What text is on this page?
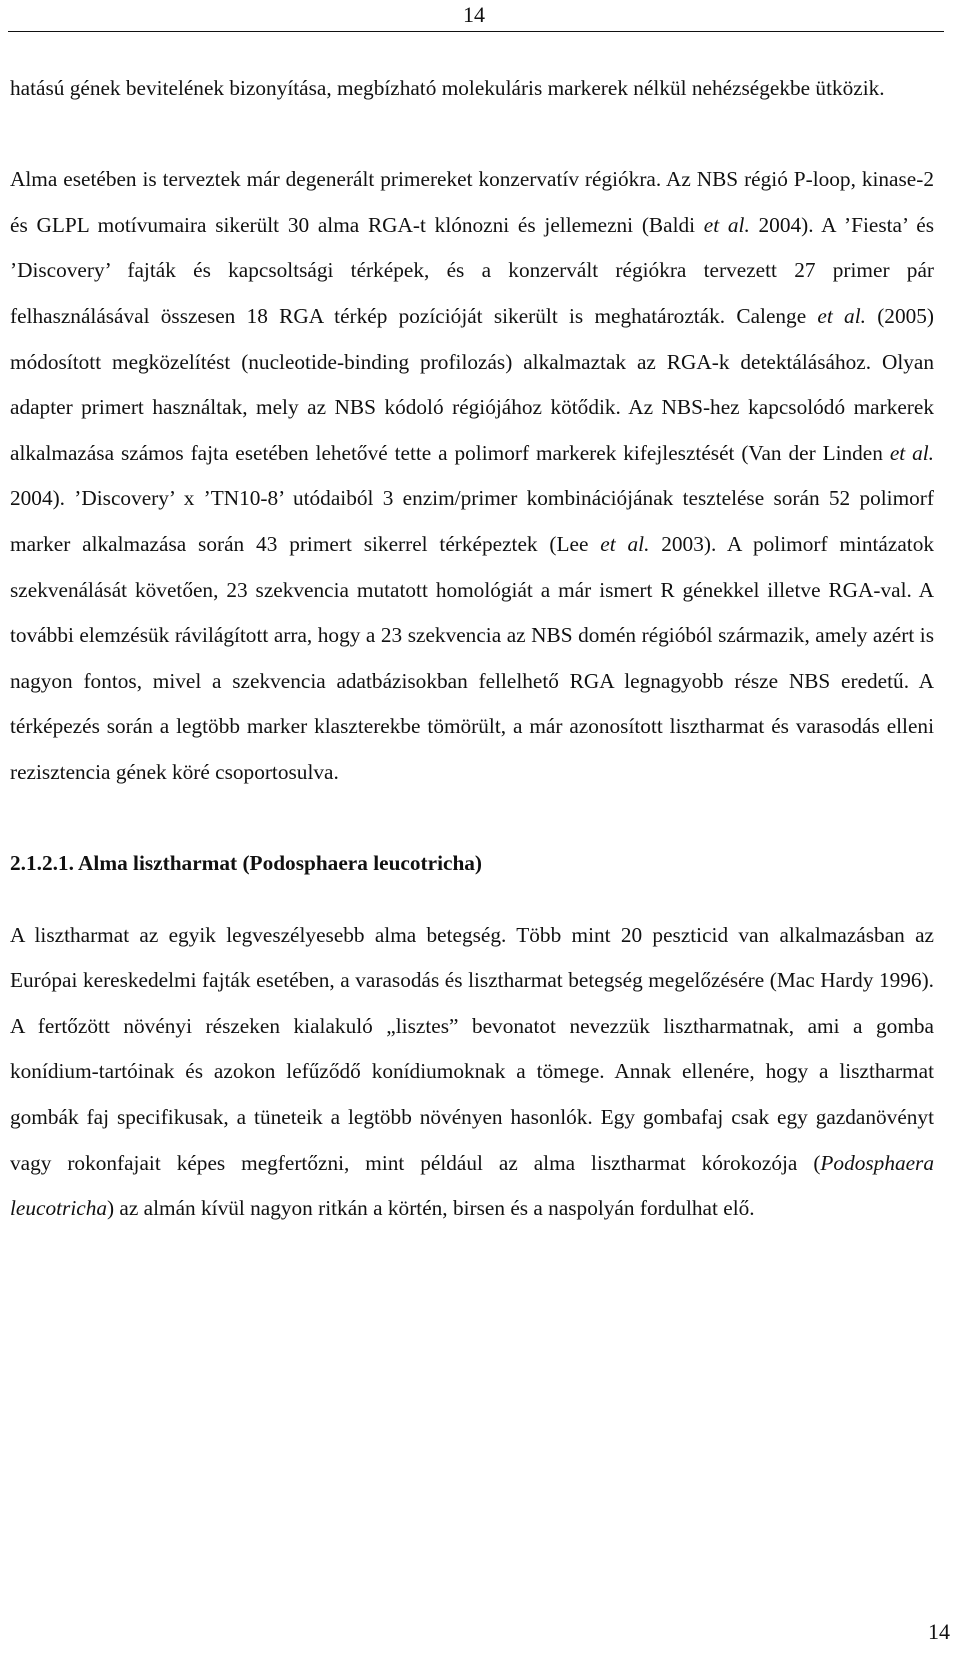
14

hatású gének bevitelének bizonyítása, megbízható molekuláris markerek nélkül nehézségekbe ütközik.

Alma esetében is terveztek már degenerált primereket konzervatív régiókra. Az NBS régió P-loop, kinase-2 és GLPL motívumaira sikerült 30 alma RGA-t klónozni és jellemezni (Baldi et al. 2004). A ’Fiesta’ és ’Discovery’ fajták és kapcsoltsági térképek, és a konzervált régiókra tervezett 27 primer pár felhasználásával összesen 18 RGA térkép pozícióját sikerült is meghatározták. Calenge et al. (2005) módosított megközelítést (nucleotide-binding profilozás) alkalmaztak az RGA-k detektálásához. Olyan adapter primert használtak, mely az NBS kódoló régiójához kötődik. Az NBS-hez kapcsolódó markerek alkalmazása számos fajta esetében lehetővé tette a polimorf markerek kifejlesztését (Van der Linden et al. 2004). ’Discovery’ x ’TN10-8’ utódaiból 3 enzim/primer kombinációjának tesztelése során 52 polimorf marker alkalmazása során 43 primert sikerrel térképeztek (Lee et al. 2003). A polimorf mintázatok szekvenálását követően, 23 szekvencia mutatott homológiát a már ismert R génekkel illetve RGA-val. A további elemzésük rávilágított arra, hogy a 23 szekvencia az NBS domén régióból származik, amely azért is nagyon fontos, mivel a szekvencia adatbázisokban fellelhető RGA legnagyobb része NBS eredetű. A térképezés során a legtöbb marker klaszterekbe tömörült, a már azonosított lisztharmat és varasodás elleni rezisztencia gének köré csoportosulva.

2.1.2.1. Alma lisztharmat (Podosphaera leucotricha)

A lisztharmat az egyik legveszélyesebb alma betegség. Több mint 20 peszticid van alkalmazásban az Európai kereskedelmi fajták esetében, a varasodás és lisztharmat betegség megelőzésére (Mac Hardy 1996). A fertőzött növényi részeken kialakuló „lisztes” bevonatot nevezzük lisztharmatnak, ami a gomba konídium-tartóinak és azokon lefűződő konídiumoknak a tömege. Annak ellenére, hogy a lisztharmat gombák faj specifikusak, a tüneteik a legtöbb növényen hasonlók. Egy gombafaj csak egy gazdanövényt vagy rokonfajait képes megfertőzni, mint például az alma lisztharmat kórokozója (Podosphaera leucotricha) az almán kívül nagyon ritkán a körtén, birsen és a naspolyán fordulhat elő.

14
